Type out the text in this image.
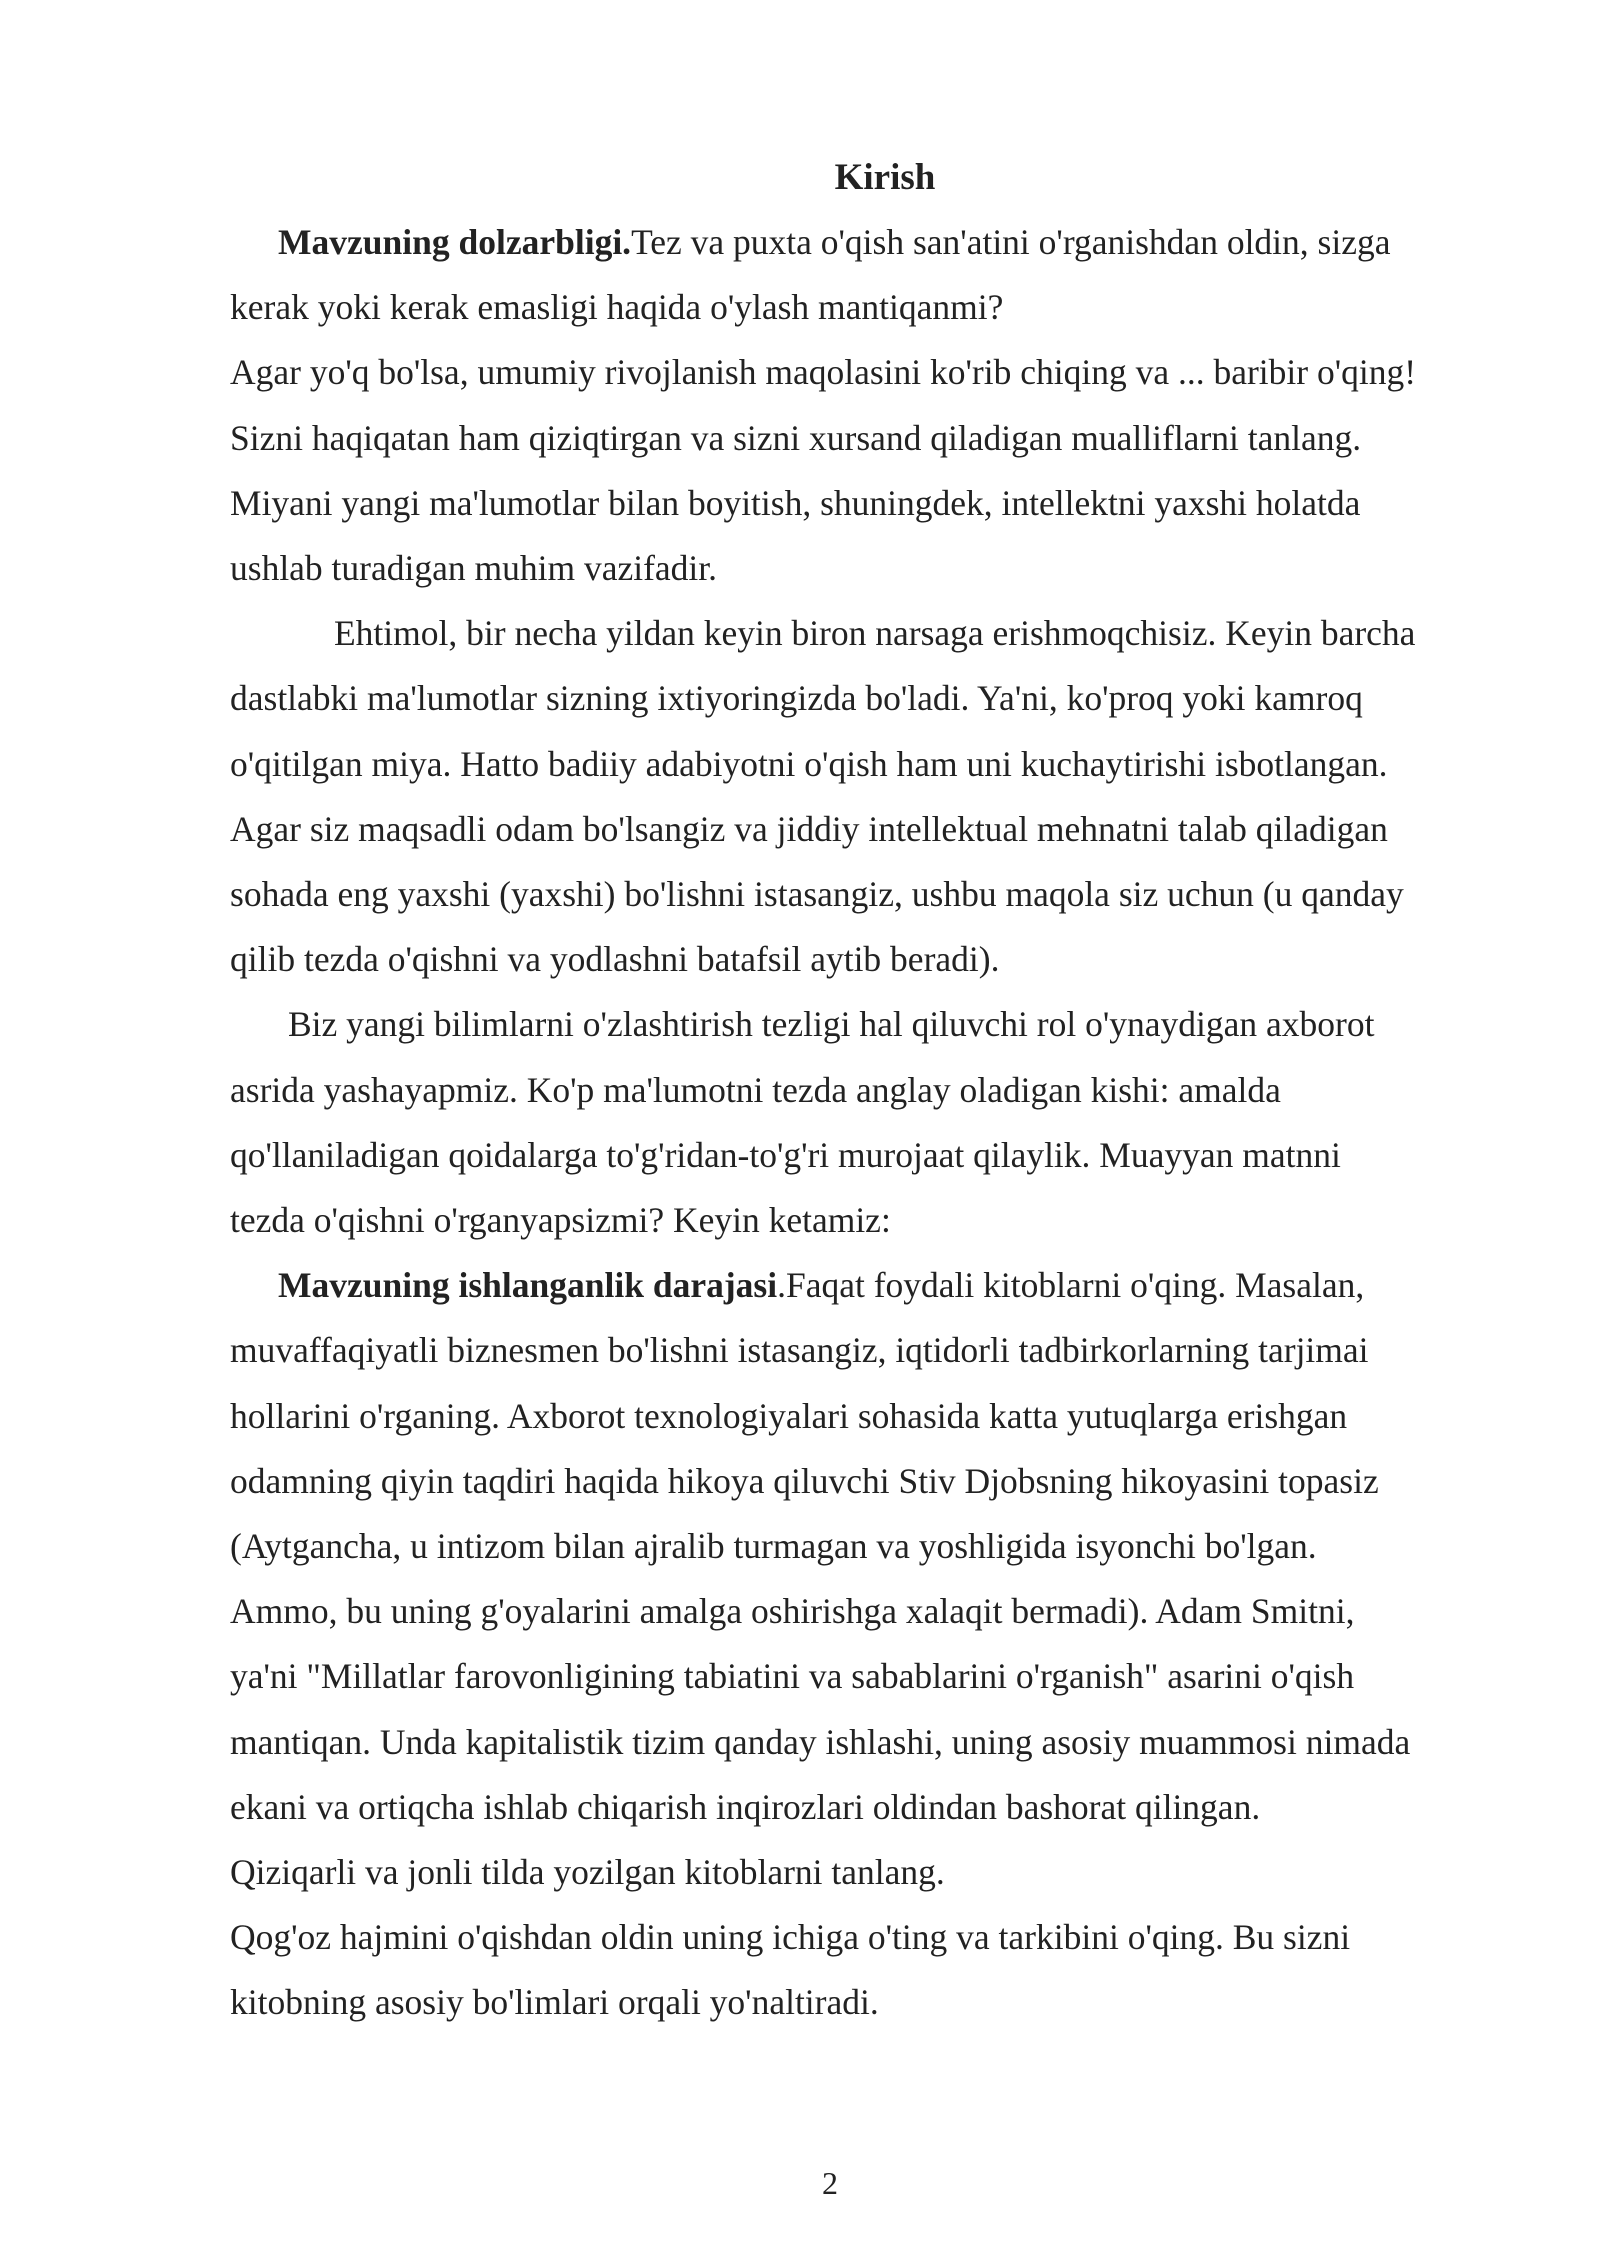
Kirish

Mavzuning dolzarbligi.Tez va puxta o'qish san'atini o'rganishdan oldin, sizga

kerak yoki kerak emasligi haqida o'ylash mantiqanmi?

Agar yo'q bo'lsa, umumiy rivojlanish maqolasini ko'rib chiqing va ... baribir o'qing!

Sizni haqiqatan ham qiziqtirgan va sizni xursand qiladigan mualliflarni tanlang.

Miyani yangi ma'lumotlar bilan boyitish, shuningdek, intellektni yaxshi holatda

ushlab turadigan muhim vazifadir.

Ehtimol, bir necha yildan keyin biron narsaga erishmoqchisiz. Keyin barcha

dastlabki ma'lumotlar sizning ixtiyoringizda bo'ladi. Ya'ni, ko'proq yoki kamroq

o'qitilgan miya. Hatto badiiy adabiyotni o'qish ham uni kuchaytirishi isbotlangan.

Agar siz maqsadli odam bo'lsangiz va jiddiy intellektual mehnatni talab qiladigan

sohada eng yaxshi (yaxshi) bo'lishni istasangiz, ushbu maqola siz uchun (u qanday

qilib tezda o'qishni va yodlashni batafsil aytib beradi).

Biz yangi bilimlarni o'zlashtirish tezligi hal qiluvchi rol o'ynaydigan axborot

asrida yashayapmiz. Ko'p ma'lumotni tezda anglay oladigan kishi: amalda

qo'llaniladigan qoidalarga to'g'ridan-to'g'ri murojaat qilaylik. Muayyan matnni

tezda o'qishni o'rganyapsizmi? Keyin ketamiz:

Mavzuning ishlanganlik darajasi.Faqat foydali kitoblarni o'qing. Masalan,

muvaffaqiyatli biznesmen bo'lishni istasangiz, iqtidorli tadbirkorlarning tarjimai

hollarini o'rganing. Axborot texnologiyalari sohasida katta yutuqlarga erishgan

odamning qiyin taqdiri haqida hikoya qiluvchi Stiv Djobsning hikoyasini topasiz

(Aytgancha, u intizom bilan ajralib turmagan va yoshligida isyonchi bo'lgan.

Ammo, bu uning g'oyalarini amalga oshirishga xalaqit bermadi). Adam Smitni,

ya'ni "Millatlar farovonligining tabiatini va sabablarini o'rganish" asarini o'qish

mantiqan. Unda kapitalistik tizim qanday ishlashi, uning asosiy muammosi nimada

ekani va ortiqcha ishlab chiqarish inqirozlari oldindan bashorat qilingan.

Qiziqarli va jonli tilda yozilgan kitoblarni tanlang.

Qog'oz hajmini o'qishdan oldin uning ichiga o'ting va tarkibini o'qing. Bu sizni

kitobning asosiy bo'limlari orqali yo'naltiradi.

2
